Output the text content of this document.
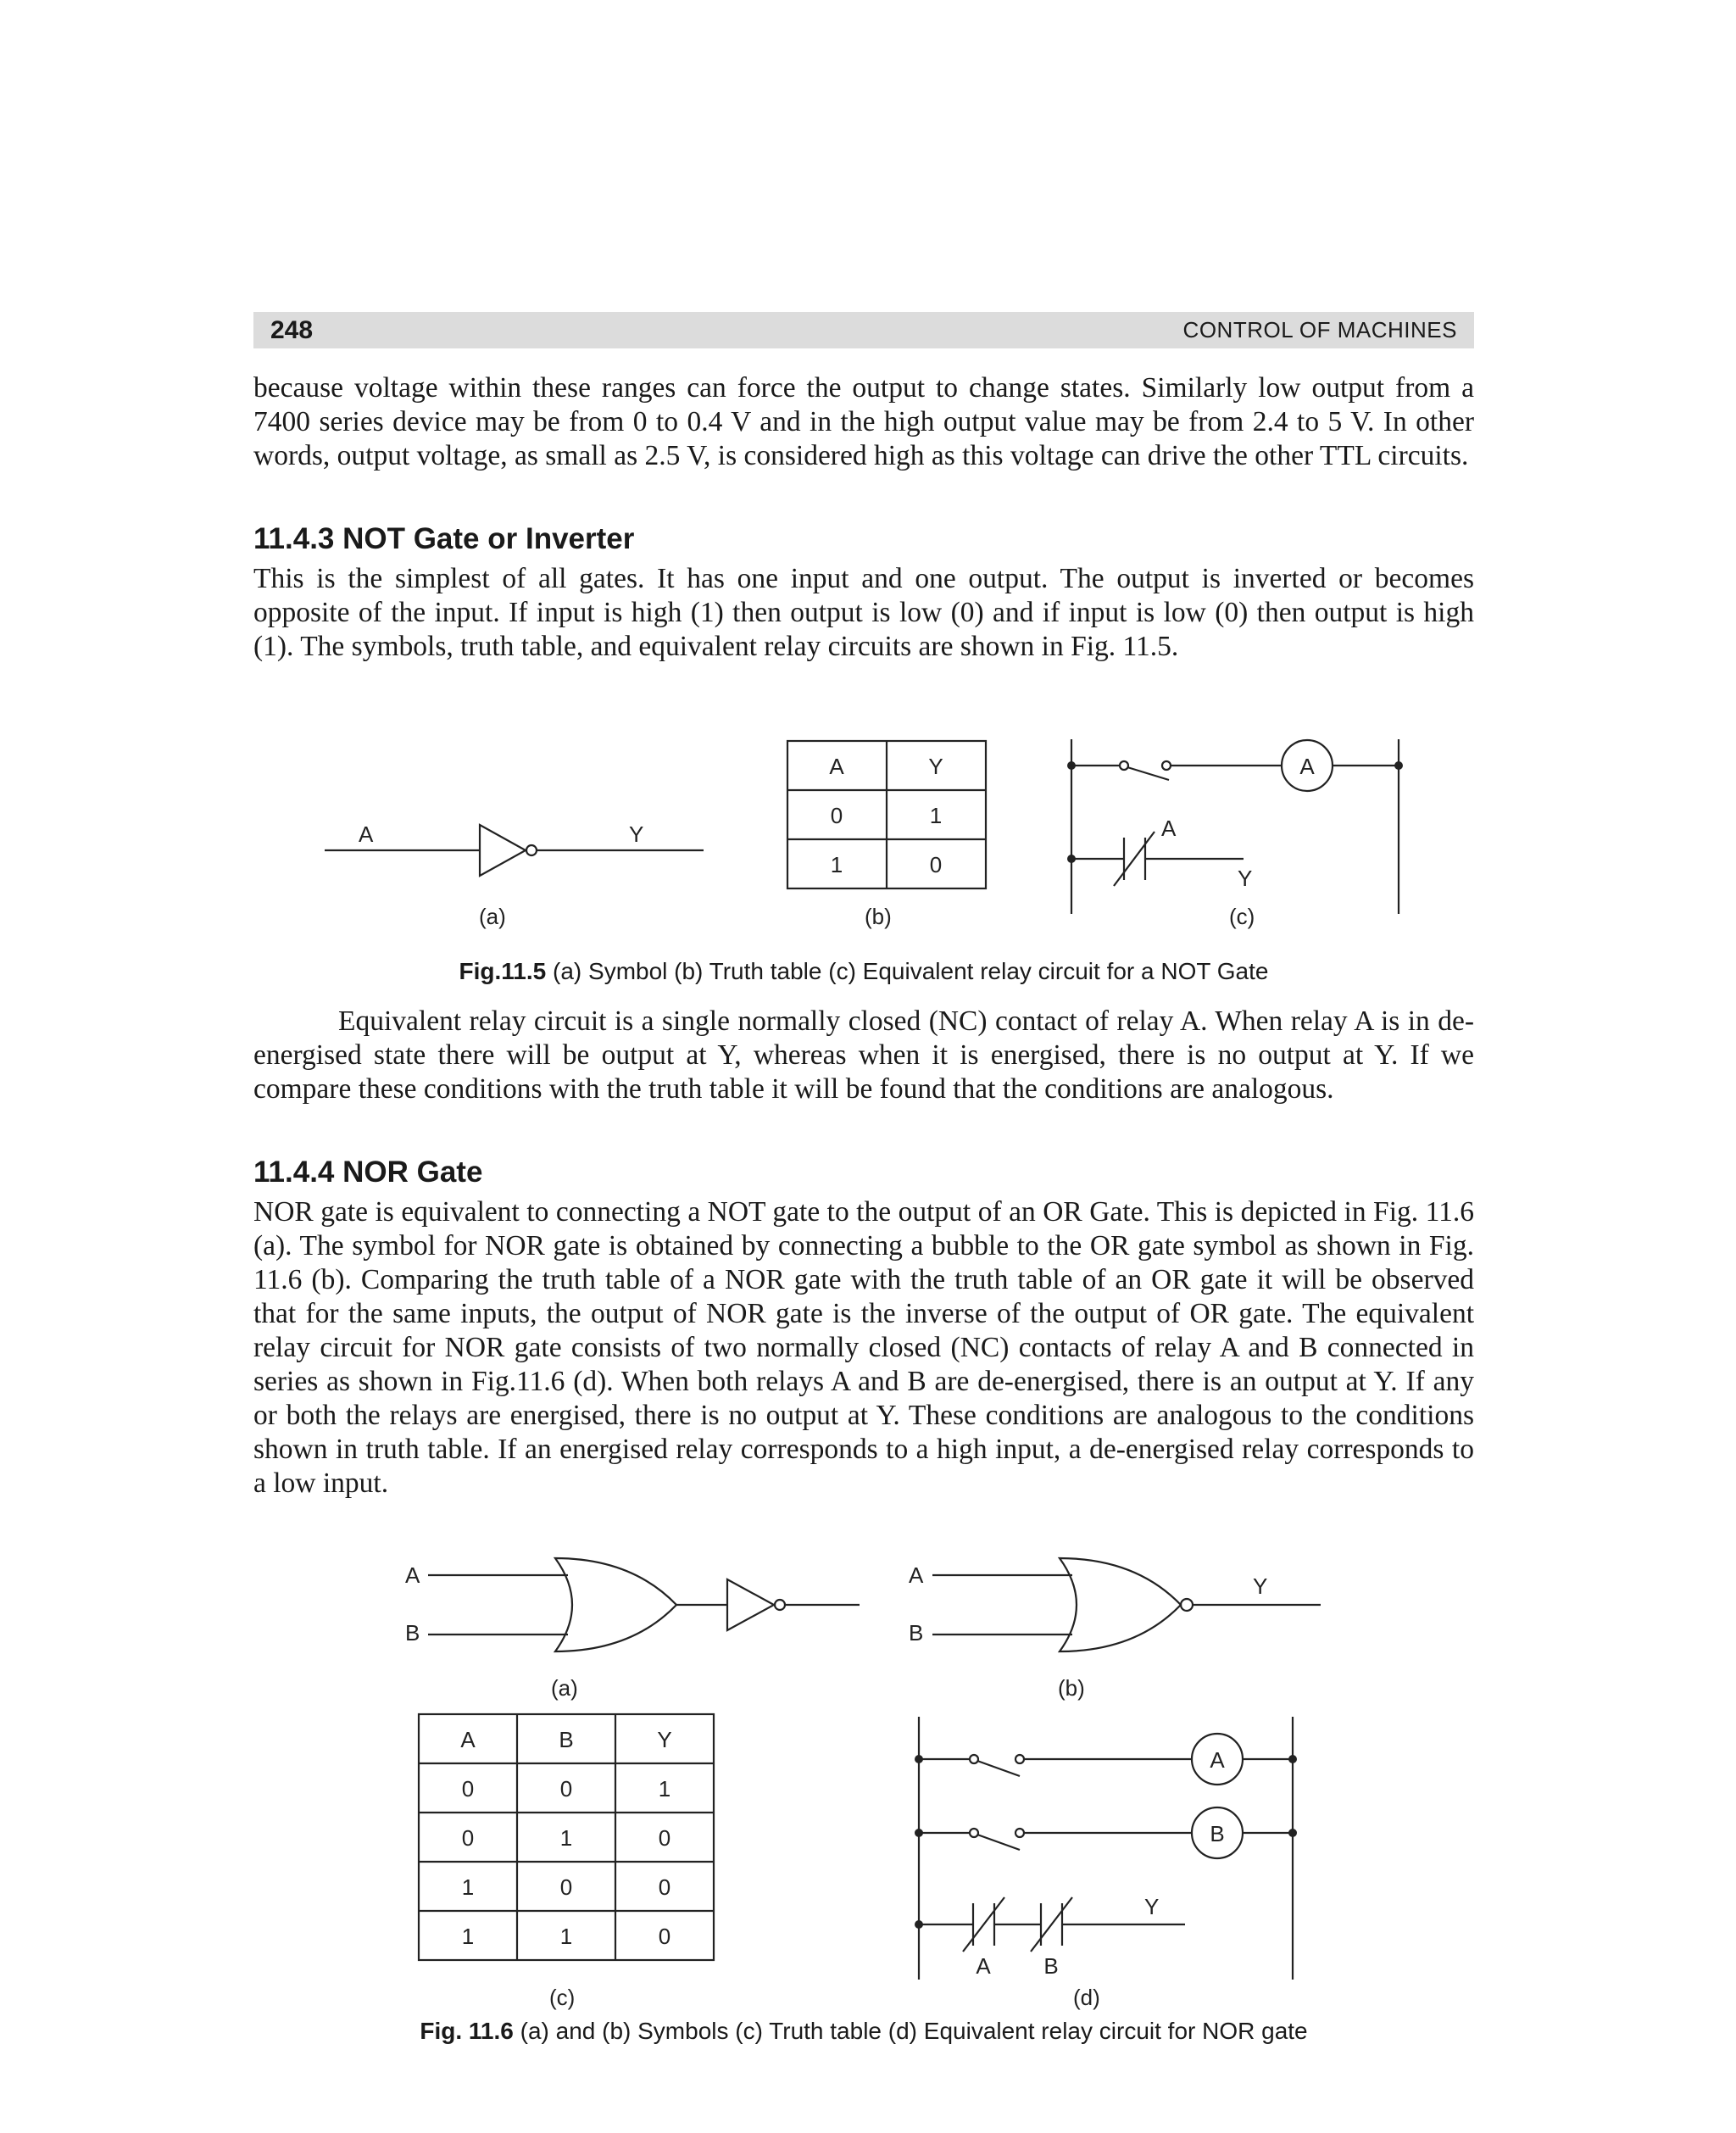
248	CONTROL OF MACHINES

because voltage within these ranges can force the output to change states. Similarly low output from a 7400 series device may be from 0 to 0.4 V and in the high output value may be from 2.4 to 5 V. In other words, output voltage, as small as 2.5 V, is considered high as this voltage can drive the other TTL circuits.

11.4.3 NOT Gate or Inverter

This is the simplest of all gates. It has one input and one output. The output is inverted or becomes opposite of the input. If input is high (1) then output is low (0) and if input is low (0) then output is high (1). The symbols, truth table, and equivalent relay circuits are shown in Fig. 11.5.

A	Y
(a)
A	Y
0	1
1	0
(b)
A
A
Y
(c)
Fig.11.5 (a) Symbol (b) Truth table (c) Equivalent relay circuit for a NOT Gate

Equivalent relay circuit is a single normally closed (NC) contact of relay A. When relay A is in de-energised state there will be output at Y, whereas when it is energised, there is no output at Y. If we compare these conditions with the truth table it will be found that the conditions are analogous.

11.4.4 NOR Gate

NOR gate is equivalent to connecting a NOT gate to the output of an OR Gate. This is depicted in Fig. 11.6 (a). The symbol for NOR gate is obtained by connecting a bubble to the OR gate symbol as shown in Fig. 11.6 (b). Comparing the truth table of a NOR gate with the truth table of an OR gate it will be observed that for the same inputs, the output of NOR gate is the inverse of the output of OR gate. The equivalent relay circuit for NOR gate consists of two normally closed (NC) contacts of relay A and B connected in series as shown in Fig.11.6 (d). When both relays A and B are de-energised, there is an output at Y. If any or both the relays are energised, there is no output at Y. These conditions are analogous to the conditions shown in truth table. If an energised relay corresponds to a high input, a de-energised relay corresponds to a low input.

A
B
(a)
A
B
Y
(b)
A	B	Y
0	0	1
0	1	0
1	0	0
1	1	0
(c)
A
B
A B
Y
(d)
Fig. 11.6 (a) and (b) Symbols (c) Truth table (d) Equivalent relay circuit for NOR gate
